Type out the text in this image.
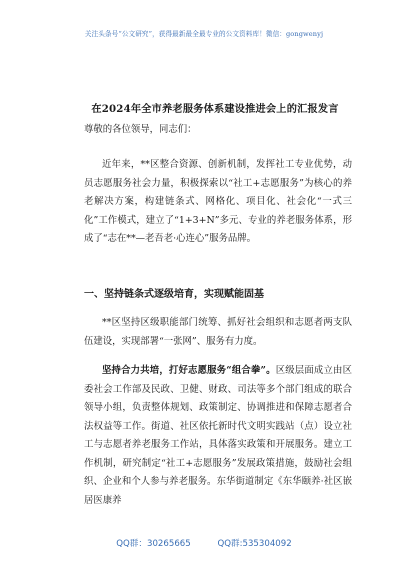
关注头条号“公文研究”，获得最新最全最专业的公文资料库！微信：gongwenyj
在2024年全市养老服务体系建设推进会上的汇报发言
尊敬的各位领导，同志们：

近年来，**区整合资源、创新机制，发挥社工专业优势，动员志愿服务社会力量，积极探索以“社工+志愿服务”为核心的养老解决方案，构建链条式、网格化、项目化、社会化“一式三化”工作模式，建立了“1+3+N”多元、专业的养老服务体系，形成了“志在**—老吾老·心连心”服务品牌。

一、坚持链条式逐级培育，实现赋能固基

**区坚持区级职能部门统筹、抓好社会组织和志愿者两支队伍建设，实现部署“一张网”、服务有力度。

坚持合力共培，打好志愿服务“组合拳”。区级层面成立由区委社会工作部及民政、卫健、财政、司法等多个部门组成的联合领导小组，负责整体规划、政策制定、协调推进和保障志愿者合法权益等工作。街道、社区依托新时代文明实践站（点）设立社工与志愿者养老服务工作站，具体落实政策和开展服务。建立工作机制，研究制定“社工+志愿服务”发展政策措施，鼓励社会组织、企业和个人参与养老服务。东华街道制定《东华颐养·社区嵌居医康养

QQ群：30265665	QQ群:535304092
